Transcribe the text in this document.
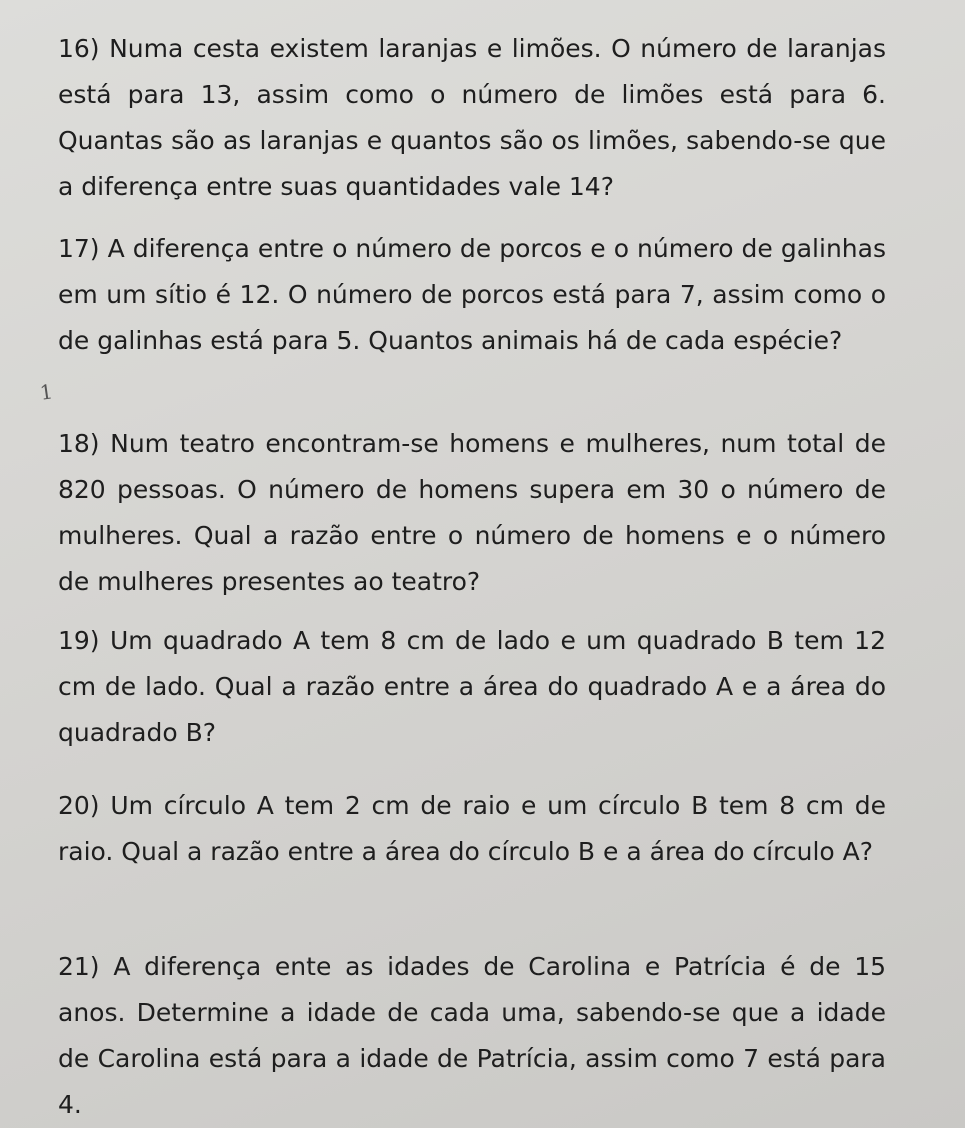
16) Numa cesta existem laranjas e limões. O número de laranjas está para 13, assim como o número de limões está para 6. Quantas são as laranjas e quantos são os limões, sabendo-se que a diferença entre suas quantidades vale 14?

17) A diferença entre o número de porcos e o número de galinhas em um sítio é 12. O número de porcos está para 7, assim como o de galinhas está para 5. Quantos animais há de cada espécie?

18) Num teatro encontram-se homens e mulheres, num total de 820 pessoas. O número de homens supera em 30 o número de mulheres. Qual a razão entre o número de homens e o número de mulheres presentes ao teatro?

19) Um quadrado A tem 8 cm de lado e um quadrado B tem 12 cm de lado. Qual a razão entre a área do quadrado A e a área do quadrado B?

20) Um círculo A tem 2 cm de raio e um círculo B tem 8 cm de raio. Qual a razão entre a área do círculo B e a área do círculo A?

21) A diferença ente as idades de Carolina e Patrícia é de 15 anos. Determine a idade de cada uma, sabendo-se que a idade de Carolina está para a idade de Patrícia, assim como 7 está para 4.

1
